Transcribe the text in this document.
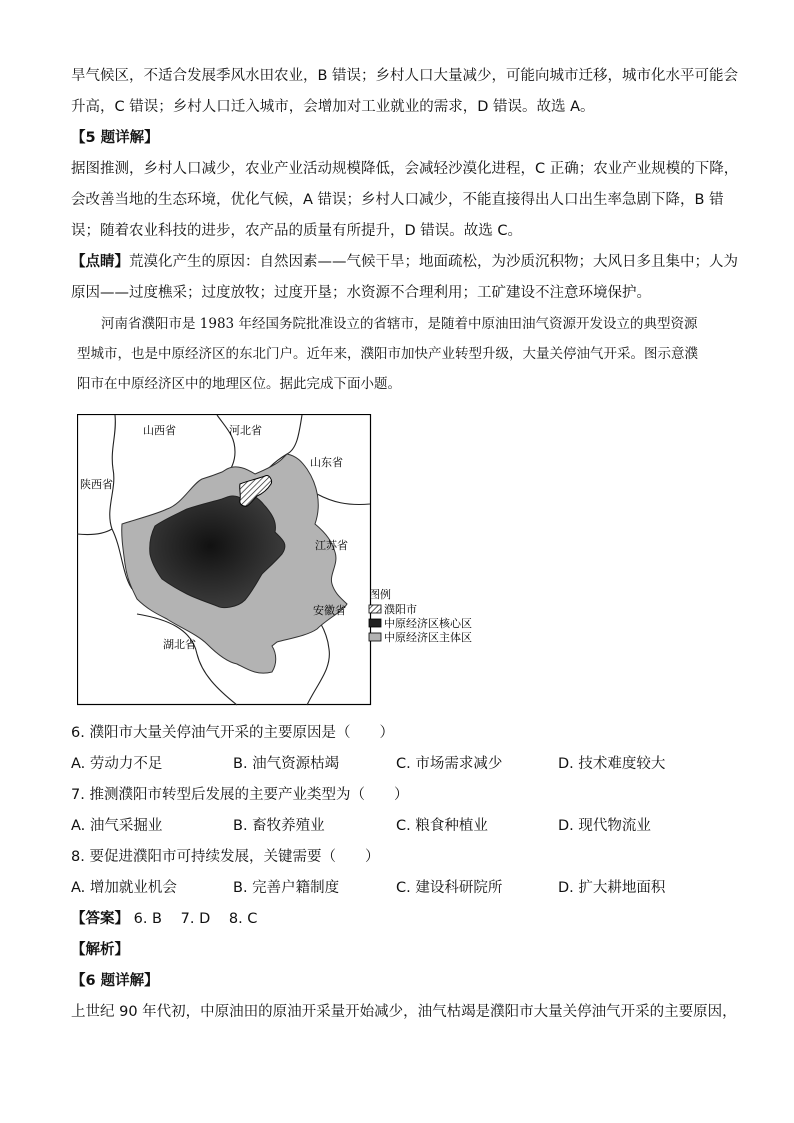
旱气候区，不适合发展季风水田农业，B 错误；乡村人口大量减少，可能向城市迁移，城市化水平可能会
升高，C 错误；乡村人口迁入城市，会增加对工业就业的需求，D 错误。故选 A。
【5 题详解】
据图推测，乡村人口减少，农业产业活动规模降低，会减轻沙漠化进程，C 正确；农业产业规模的下降，
会改善当地的生态环境，优化气候，A 错误；乡村人口减少，不能直接得出人口出生率急剧下降，B 错
误；随着农业科技的进步，农产品的质量有所提升，D 错误。故选 C。
【点睛】荒漠化产生的原因：自然因素——气候干旱；地面疏松，为沙质沉积物；大风日多且集中；人为
原因——过度樵采；过度放牧；过度开垦；水资源不合理利用；工矿建设不注意环境保护。
河南省濮阳市是 1983 年经国务院批准设立的省辖市，是随着中原油田油气资源开发设立的典型资源
型城市，也是中原经济区的东北门户。近年来，濮阳市加快产业转型升级，大量关停油气开采。图示意濮
阳市在中原经济区中的地理区位。据此完成下面小题。
山西省	河北省
山东省
陕西省
江苏省
安徽省
湖北省
图例
濮阳市
中原经济区核心区
中原经济区主体区
6. 濮阳市大量关停油气开采的主要原因是（　　）
A. 劳动力不足	B. 油气资源枯竭	C. 市场需求减少	D. 技术难度较大
7. 推测濮阳市转型后发展的主要产业类型为（　　）
A. 油气采掘业	B. 畜牧养殖业	C. 粮食种植业	D. 现代物流业
8. 要促进濮阳市可持续发展，关键需要（　　）
A. 增加就业机会	B. 完善户籍制度	C. 建设科研院所	D. 扩大耕地面积
【答案】 6. B 7. D 8. C
【解析】
【6 题详解】
上世纪 90 年代初，中原油田的原油开采量开始减少，油气枯竭是濮阳市大量关停油气开采的主要原因，
